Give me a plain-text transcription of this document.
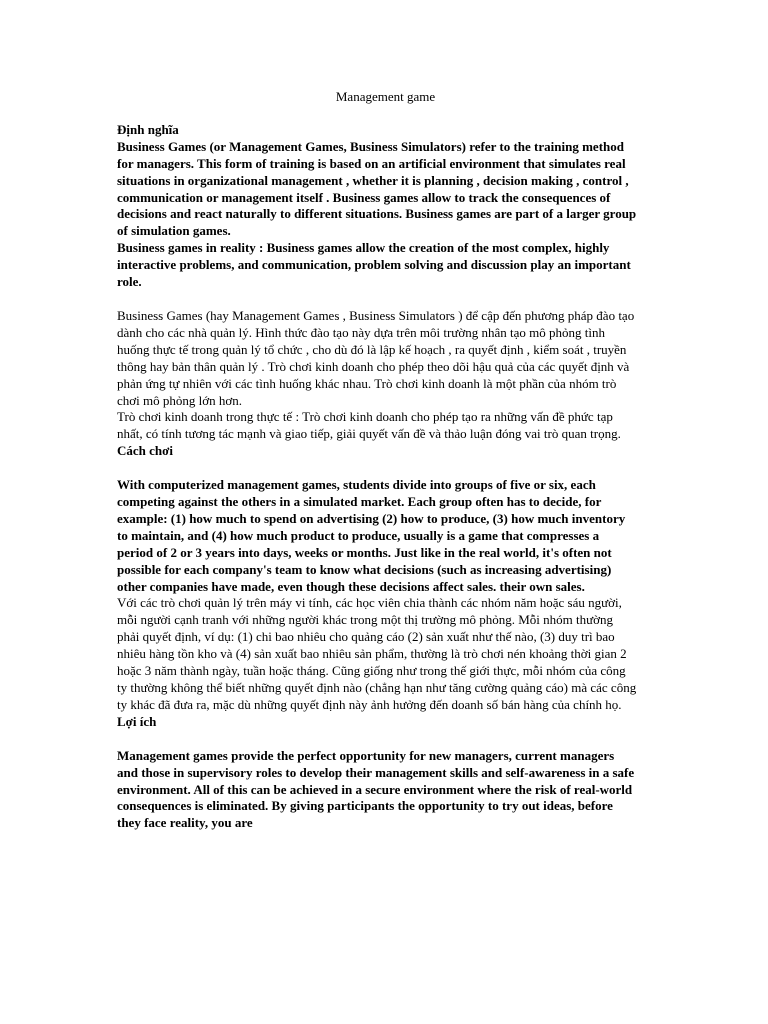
Management game

Định nghĩa

Business Games (or Management Games, Business Simulators) refer to the training method for managers. This form of training is based on an artificial environment that simulates real situations in organizational management , whether it is planning , decision making , control , communication or management itself . Business games allow to track the consequences of decisions and react naturally to different situations. Business games are part of a larger group of simulation games.

Business games in reality : Business games allow the creation of the most complex, highly interactive problems, and communication, problem solving and discussion play an important role.

Business Games (hay Management Games , Business Simulators ) để cập đến phương pháp đào tạo dành cho các nhà quản lý. Hình thức đào tạo này dựa trên môi trường nhân tạo mô phỏng tình huống thực tế trong quản lý tổ chức , cho dù đó là lập kế hoạch , ra quyết định , kiểm soát , truyền thông hay bản thân quản lý . Trò chơi kinh doanh cho phép theo dõi hậu quả của các quyết định và phản ứng tự nhiên với các tình huống khác nhau. Trò chơi kinh doanh là một phần của nhóm trò chơi mô phỏng lớn hơn.

Trò chơi kinh doanh trong thực tế : Trò chơi kinh doanh cho phép tạo ra những vấn đề phức tạp nhất, có tính tương tác mạnh và giao tiếp, giải quyết vấn đề và thảo luận đóng vai trò quan trọng.

Cách chơi

With computerized management games, students divide into groups of five or six, each competing against the others in a simulated market. Each group often has to decide, for example: (1) how much to spend on advertising (2) how to produce, (3) how much inventory to maintain, and (4) how much product to produce, usually is a game that compresses a period of 2 or 3 years into days, weeks or months. Just like in the real world, it's often not possible for each company's team to know what decisions (such as increasing advertising) other companies have made, even though these decisions affect sales. their own sales.

Với các trò chơi quản lý trên máy vi tính, các học viên chia thành các nhóm năm hoặc sáu người, mỗi người cạnh tranh với những người khác trong một thị trường mô phỏng. Mỗi nhóm thường phải quyết định, ví dụ: (1) chi bao nhiêu cho quảng cáo (2) sản xuất như thế nào, (3) duy trì bao nhiêu hàng tồn kho và (4) sản xuất bao nhiêu sản phẩm, thường là trò chơi nén khoảng thời gian 2 hoặc 3 năm thành ngày, tuần hoặc tháng. Cũng giống như trong thế giới thực, mỗi nhóm của công ty thường không thể biết những quyết định nào (chẳng hạn như tăng cường quảng cáo) mà các công ty khác đã đưa ra, mặc dù những quyết định này ảnh hưởng đến doanh số bán hàng của chính họ.

Lợi ích

Management games provide the perfect opportunity for new managers, current managers and those in supervisory roles to develop their management skills and self-awareness in a safe environment. All of this can be achieved in a secure environment where the risk of real-world consequences is eliminated. By giving participants the opportunity to try out ideas, before they face reality, you are
